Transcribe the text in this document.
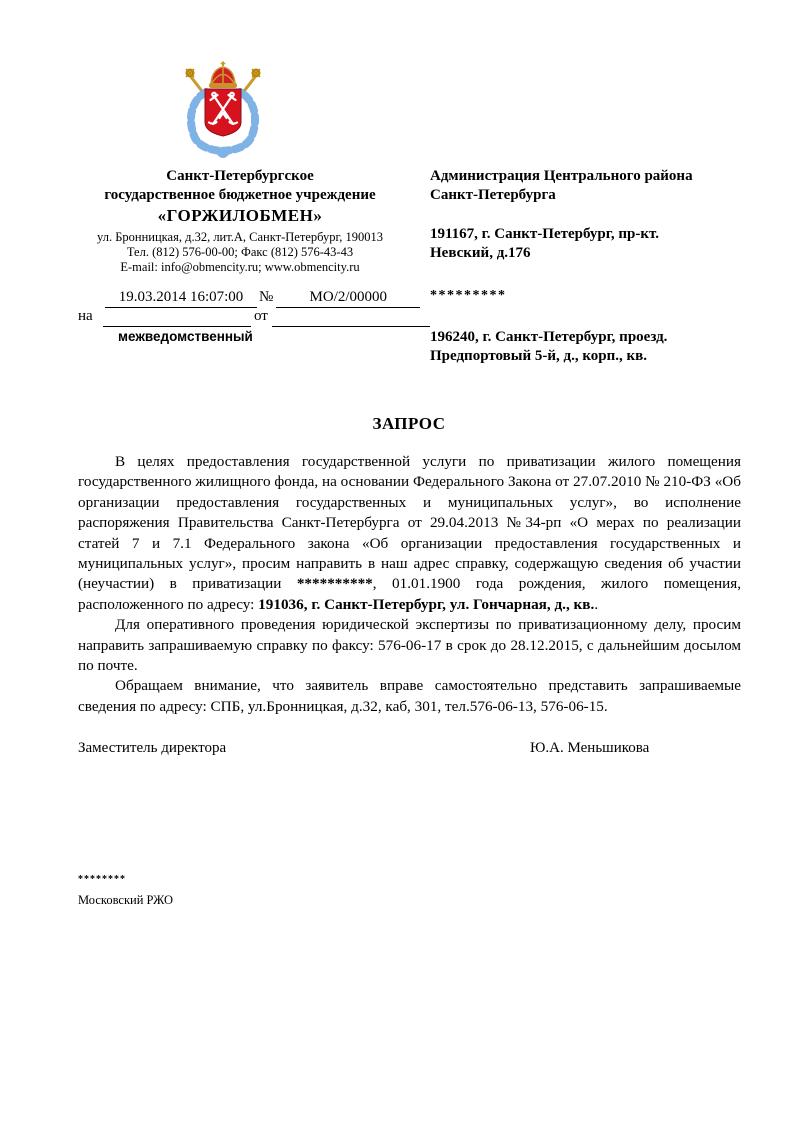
Санкт-Петербургское
государственное бюджетное учреждение
«ГОРЖИЛОБМЕН»
ул. Бронницкая, д.32, лит.А, Санкт-Петербург, 190013
Тел. (812) 576-00-00; Факс (812) 576-43-43
E-mail: info@obmencity.ru; www.obmencity.ru
Администрация Центрального района
Санкт-Петербурга
191167, г. Санкт-Петербург, пр-кт.
Невский, д.176
*********
196240, г. Санкт-Петербург, проезд.
Предпортовый 5-й, д., корп., кв.
19.03.2014 16:07:00	№	МО/2/00000
на	от
межведомственный
ЗАПРОС

В целях предоставления государственной услуги по приватизации жилого помещения государственного жилищного фонда, на основании Федерального Закона от 27.07.2010 № 210-ФЗ «Об организации предоставления государственных и муниципальных услуг», во исполнение распоряжения Правительства Санкт-Петербурга от 29.04.2013 №34-рп «О мерах по реализации статей 7 и 7.1 Федерального закона «Об организации предоставления государственных и муниципальных услуг», просим направить в наш адрес справку, содержащую сведения об участии (неучастии) в приватизации **********, 01.01.1900 года рождения, жилого помещения, расположенного по адресу: 191036, г. Санкт-Петербург, ул. Гончарная, д., кв..

Для оперативного проведения юридической экспертизы по приватизационному делу, просим направить запрашиваемую справку по факсу: 576-06-17 в срок до 28.12.2015, с дальнейшим досылом по почте.

Обращаем внимание, что заявитель вправе самостоятельно представить запрашиваемые сведения по адресу: СПБ, ул.Бронницкая, д.32, каб, 301, тел.576-06-13, 576-06-15.

Заместитель директора	Ю.А. Меньшикова
********
Московский РЖО
